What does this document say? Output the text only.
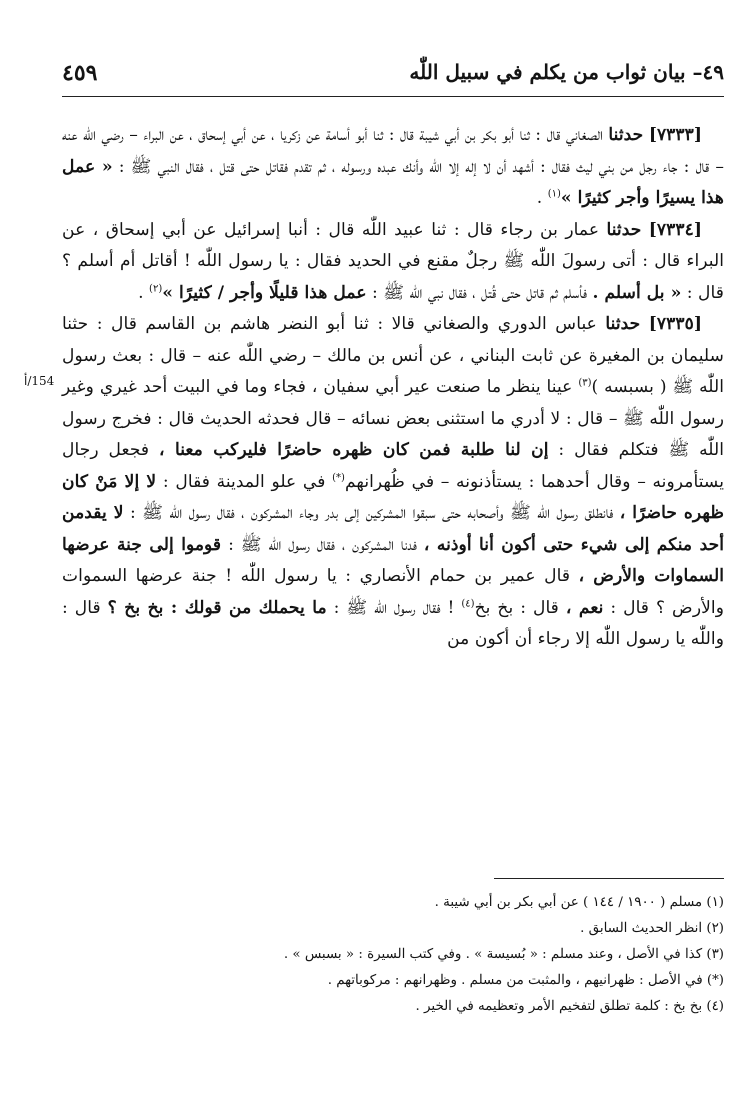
٤٥٩	٤٩– بيان ثواب من يكلم في سبيل اللّٰه
154/أ

[٧٣٣٣] حدثنا الصغاني قال : ثنا أبو بكر بن أبي شيبة قال : ثنا أبو أسامة عن زكريا ، عن أبي إسحاق ، عن البراء – رضي اللّٰه عنه – قال : جاء رجل من بني ليث فقال : أشهد أن لا إله إلا اللّٰه وأنك عبده ورسوله ، ثم تقدم فقاتل حتى قتل ، فقال النبي ﷺ : « عمل هذا يسيرًا وأجر كثيرًا »$^{(١)}$ .

[٧٣٣٤] حدثنا عمار بن رجاء قال : ثنا عبيد اللّٰه قال : أنبا إسرائيل عن أبي إسحاق ، عن البراء قال : أتى رسولَ اللّٰه ﷺ رجلٌ مقنع في الحديد فقال : يا رسول اللّٰه ! أقاتل أم أسلم ؟ قال : « بل أسلم . فأسلم ثم قاتل حتى قُتل ، فقال نبي اللّٰه ﷺ : عمل هذا قليلًا وأجر / كثيرًا »$^{(٢)}$ .

[٧٣٣٥] حدثنا عباس الدوري والصغاني قالا : ثنا أبو النضر هاشم بن القاسم قال : حثنا سليمان بن المغيرة عن ثابت البناني ، عن أنس بن مالك – رضي اللّٰه عنه – قال : بعث رسول اللّٰه ﷺ ( بسبسه )$^{(٣)}$ عينا ينظر ما صنعت عير أبي سفيان ، فجاء وما في البيت أحد غيري وغير رسول اللّٰه ﷺ – قال : لا أدري ما استثنى بعض نسائه – قال فحدثه الحديث قال : فخرج رسول اللّٰه ﷺ فتكلم فقال : إن لنا طلبة فمن كان ظهره حاضرًا فليركب معنا ، فجعل رجال يستأمرونه – وقال أحدهما : يستأذنونه – في ظُهرانهم(*) في علو المدينة فقال : لا إلا مَنْ كان ظهره حاضرًا ، فانطلق رسول اللّٰه ﷺ وأصحابه حتى سبقوا المشركين إلى بدر وجاء المشركون ، فقال رسول اللّٰه ﷺ : لا يقدمن أحد منكم إلى شيء حتى أكون أنا أوذنه ، فدنا المشركون ، فقال رسول اللّٰه ﷺ : قوموا إلى جنة عرضها السماوات والأرض ، قال عمير بن حمام الأنصاري : يا رسول اللّٰه ! جنة عرضها السموات والأرض ؟ قال : نعم ، قال : بخ بخ$^{(٤)}$ ! فقال رسول اللّٰه ﷺ : ما يحملك من قولك : بخ بخ ؟ قال : واللّٰه يا رسول اللّٰه إلا رجاء أن أكون من

(١) مسلم ( ١٩٠٠ / ١٤٤ ) عن أبي بكر بن أبي شيبة .
(٢) انظر الحديث السابق .
(٣) كذا في الأصل ، وعند مسلم : « بُسيسة » . وفي كتب السيرة : « بسبس » .
(*) في الأصل : ظهرانيهم ، والمثبت من مسلم . وظهرانهم : مركوباتهم .
(٤) بخ بخ : كلمة تطلق لتفخيم الأمر وتعظيمه في الخير .
